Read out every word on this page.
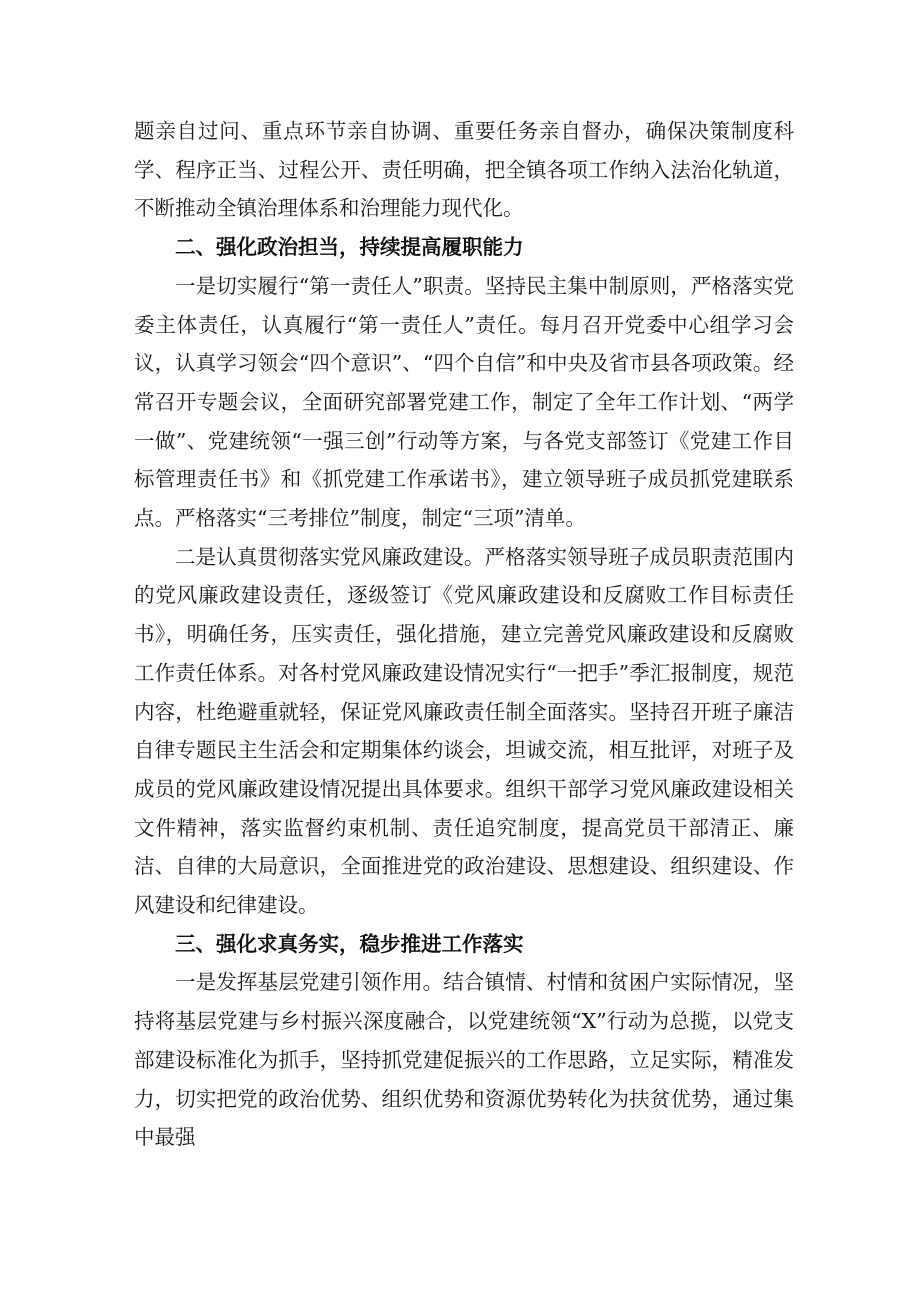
题亲自过问、重点环节亲自协调、重要任务亲自督办，确保决策制度科学、程序正当、过程公开、责任明确，把全镇各项工作纳入法治化轨道，不断推动全镇治理体系和治理能力现代化。

二、强化政治担当，持续提高履职能力

一是切实履行“第一责任人”职责。坚持民主集中制原则，严格落实党委主体责任，认真履行“第一责任人”责任。每月召开党委中心组学习会议，认真学习领会“四个意识”、“四个自信”和中央及省市县各项政策。经常召开专题会议，全面研究部署党建工作，制定了全年工作计划、“两学一做”、党建统领“一强三创”行动等方案，与各党支部签订《党建工作目标管理责任书》和《抓党建工作承诺书》，建立领导班子成员抓党建联系点。严格落实“三考排位”制度，制定“三项”清单。

二是认真贯彻落实党风廉政建设。严格落实领导班子成员职责范围内的党风廉政建设责任，逐级签订《党风廉政建设和反腐败工作目标责任书》，明确任务，压实责任，强化措施，建立完善党风廉政建设和反腐败工作责任体系。对各村党风廉政建设情况实行“一把手”季汇报制度，规范内容，杜绝避重就轻，保证党风廉政责任制全面落实。坚持召开班子廉洁自律专题民主生活会和定期集体约谈会，坦诚交流，相互批评，对班子及成员的党风廉政建设情况提出具体要求。组织干部学习党风廉政建设相关文件精神，落实监督约束机制、责任追究制度，提高党员干部清正、廉洁、自律的大局意识，全面推进党的政治建设、思想建设、组织建设、作风建设和纪律建设。

三、强化求真务实，稳步推进工作落实

一是发挥基层党建引领作用。结合镇情、村情和贫困户实际情况，坚持将基层党建与乡村振兴深度融合，以党建统领“X”行动为总揽，以党支部建设标准化为抓手，坚持抓党建促振兴的工作思路，立足实际，精准发力，切实把党的政治优势、组织优势和资源优势转化为扶贫优势，通过集中最强
